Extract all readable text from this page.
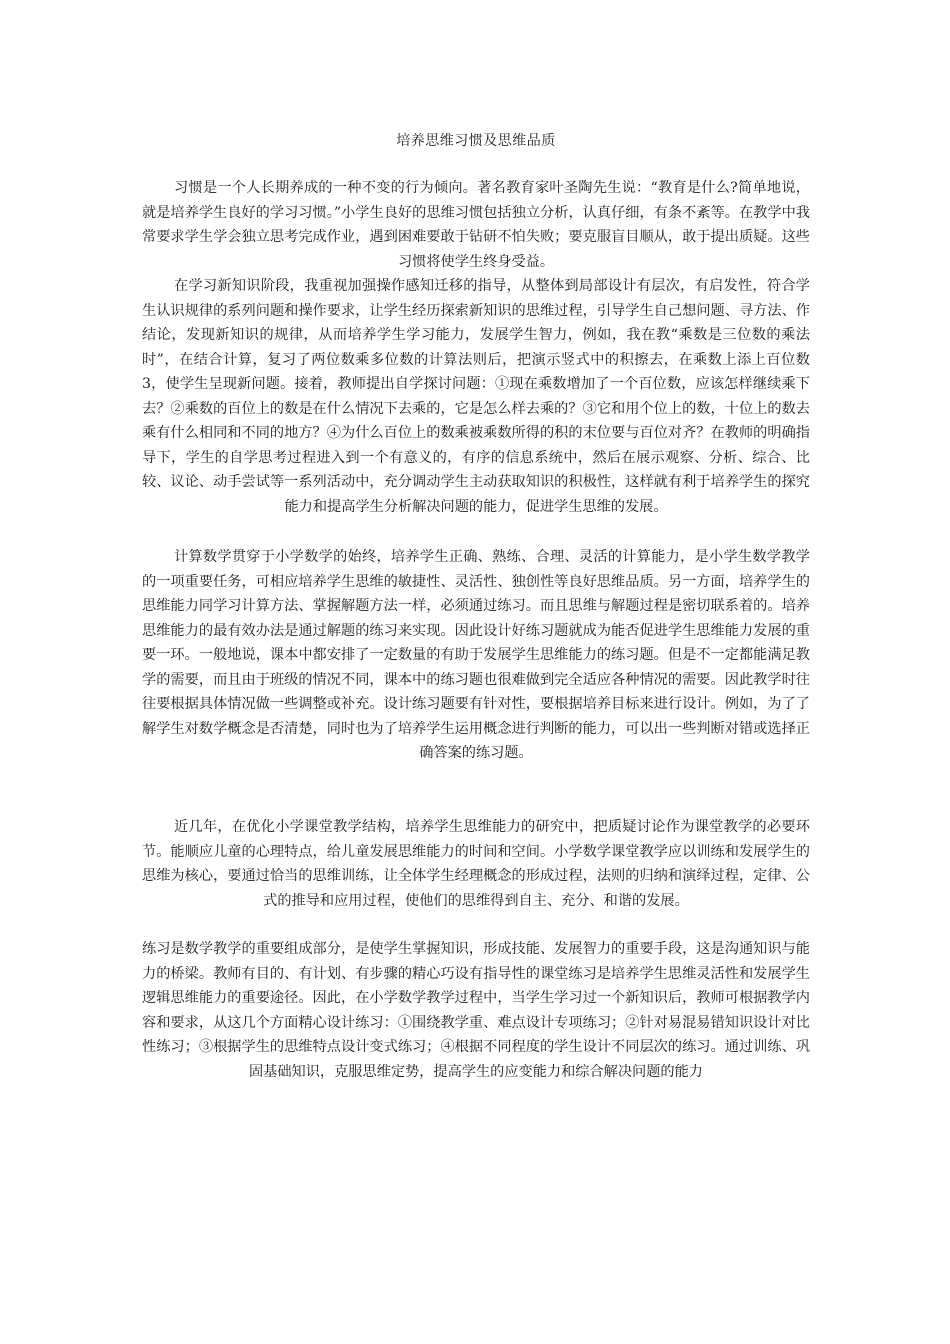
培养思维习惯及思维品质
习惯是一个人长期养成的一种不变的行为倾向。著名教育家叶圣陶先生说：“教育是什么?简单地说，就是培养学生良好的学习习惯。”小学生良好的思维习惯包括独立分析，认真仔细，有条不紊等。在教学中我常要求学生学会独立思考完成作业，遇到困难要敢于钻研不怕失败；要克服盲目顺从，敢于提出质疑。这些习惯将使学生终身受益。
在学习新知识阶段，我重视加强操作感知迁移的指导，从整体到局部设计有层次，有启发性，符合学生认识规律的系列问题和操作要求，让学生经历探索新知识的思维过程，引导学生自己想问题、寻方法、作结论，发现新知识的规律，从而培养学生学习能力，发展学生智力，例如，我在教“乘数是三位数的乘法时”，在结合计算，复习了两位数乘多位数的计算法则后，把演示竖式中的积擦去，在乘数上添上百位数 3，使学生呈现新问题。接着，教师提出自学探讨问题：①现在乘数增加了一个百位数，应该怎样继续乘下去？②乘数的百位上的数是在什么情况下去乘的，它是怎么样去乘的？③它和用个位上的数，十位上的数去乘有什么相同和不同的地方？④为什么百位上的数乘被乘数所得的积的末位要与百位对齐？在教师的明确指导下，学生的自学思考过程进入到一个有意义的，有序的信息系统中，然后在展示观察、分析、综合、比较、议论、动手尝试等一系列活动中，充分调动学生主动获取知识的积极性，这样就有利于培养学生的探究能力和提高学生分析解决问题的能力，促进学生思维的发展。
计算数学贯穿于小学数学的始终，培养学生正确、熟练、合理、灵活的计算能力，是小学生数学教学的一项重要任务，可相应培养学生思维的敏捷性、灵活性、独创性等良好思维品质。另一方面，培养学生的思维能力同学习计算方法、掌握解题方法一样，必须通过练习。而且思维与解题过程是密切联系着的。培养思维能力的最有效办法是通过解题的练习来实现。因此设计好练习题就成为能否促进学生思维能力发展的重要一环。一般地说，课本中都安排了一定数量的有助于发展学生思维能力的练习题。但是不一定都能满足教学的需要，而且由于班级的情况不同，课本中的练习题也很难做到完全适应各种情况的需要。因此教学时往往要根据具体情况做一些调整或补充。设计练习题要有针对性，要根据培养目标来进行设计。例如，为了了解学生对数学概念是否清楚，同时也为了培养学生运用概念进行判断的能力，可以出一些判断对错或选择正确答案的练习题。
近几年，在优化小学课堂教学结构，培养学生思维能力的研究中，把质疑讨论作为课堂教学的必要环节。能顺应儿童的心理特点，给儿童发展思维能力的时间和空间。小学数学课堂教学应以训练和发展学生的思维为核心，要通过恰当的思维训练，让全体学生经理概念的形成过程，法则的归纳和演绎过程，定律、公式的推导和应用过程，使他们的思维得到自主、充分、和谐的发展。
练习是数学教学的重要组成部分，是使学生掌握知识，形成技能、发展智力的重要手段，这是沟通知识与能力的桥梁。教师有目的、有计划、有步骤的精心巧设有指导性的课堂练习是培养学生思维灵活性和发展学生逻辑思维能力的重要途径。因此，在小学数学教学过程中，当学生学习过一个新知识后，教师可根据教学内容和要求，从这几个方面精心设计练习：①围绕教学重、难点设计专项练习；②针对易混易错知识设计对比性练习；③根据学生的思维特点设计变式练习；④根据不同程度的学生设计不同层次的练习。通过训练、巩固基础知识，克服思维定势，提高学生的应变能力和综合解决问题的能力
